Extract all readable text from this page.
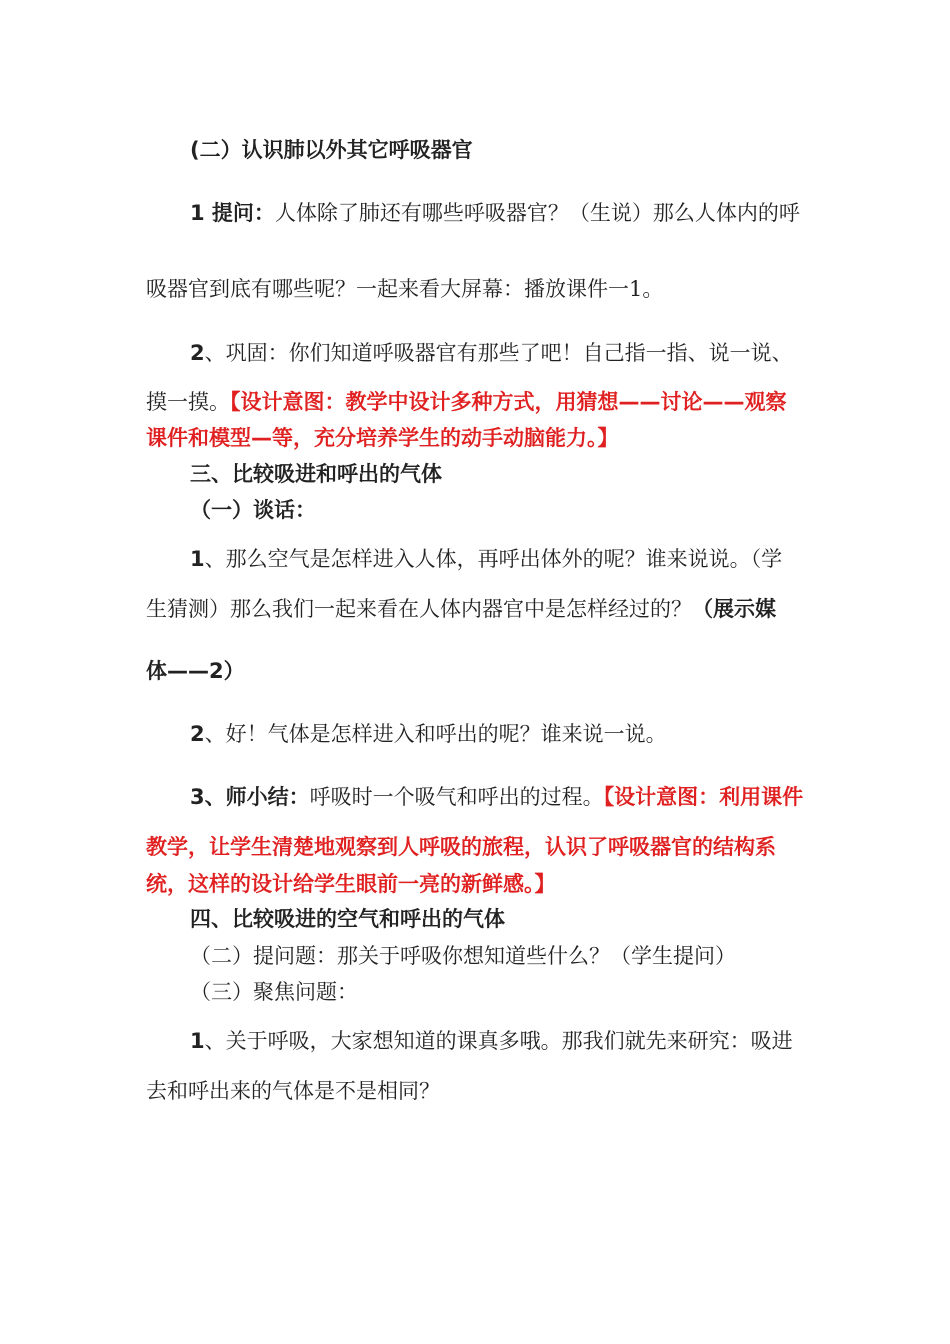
(二）认识肺以外其它呼吸器官
1 提问：人体除了肺还有哪些呼吸器官？（生说）那么人体内的呼
吸器官到底有哪些呢？一起来看大屏幕：播放课件一1。
2、巩固：你们知道呼吸器官有那些了吧！自己指一指、说一说、
摸一摸。【设计意图：教学中设计多种方式，用猜想——讨论——观察
课件和模型—等，充分培养学生的动手动脑能力。】
三、比较吸进和呼出的气体
（一）谈话：
1、那么空气是怎样进入人体，再呼出体外的呢？谁来说说。（学
生猜测）那么我们一起来看在人体内器官中是怎样经过的？（展示媒
体——2）
2、好！气体是怎样进入和呼出的呢？谁来说一说。
3、师小结：呼吸时一个吸气和呼出的过程。【设计意图：利用课件
教学，让学生清楚地观察到人呼吸的旅程，认识了呼吸器官的结构系
统，这样的设计给学生眼前一亮的新鲜感。】
四、比较吸进的空气和呼出的气体
（二）提问题：那关于呼吸你想知道些什么？（学生提问）
（三）聚焦问题：
1、关于呼吸，大家想知道的课真多哦。那我们就先来研究：吸进
去和呼出来的气体是不是相同？
